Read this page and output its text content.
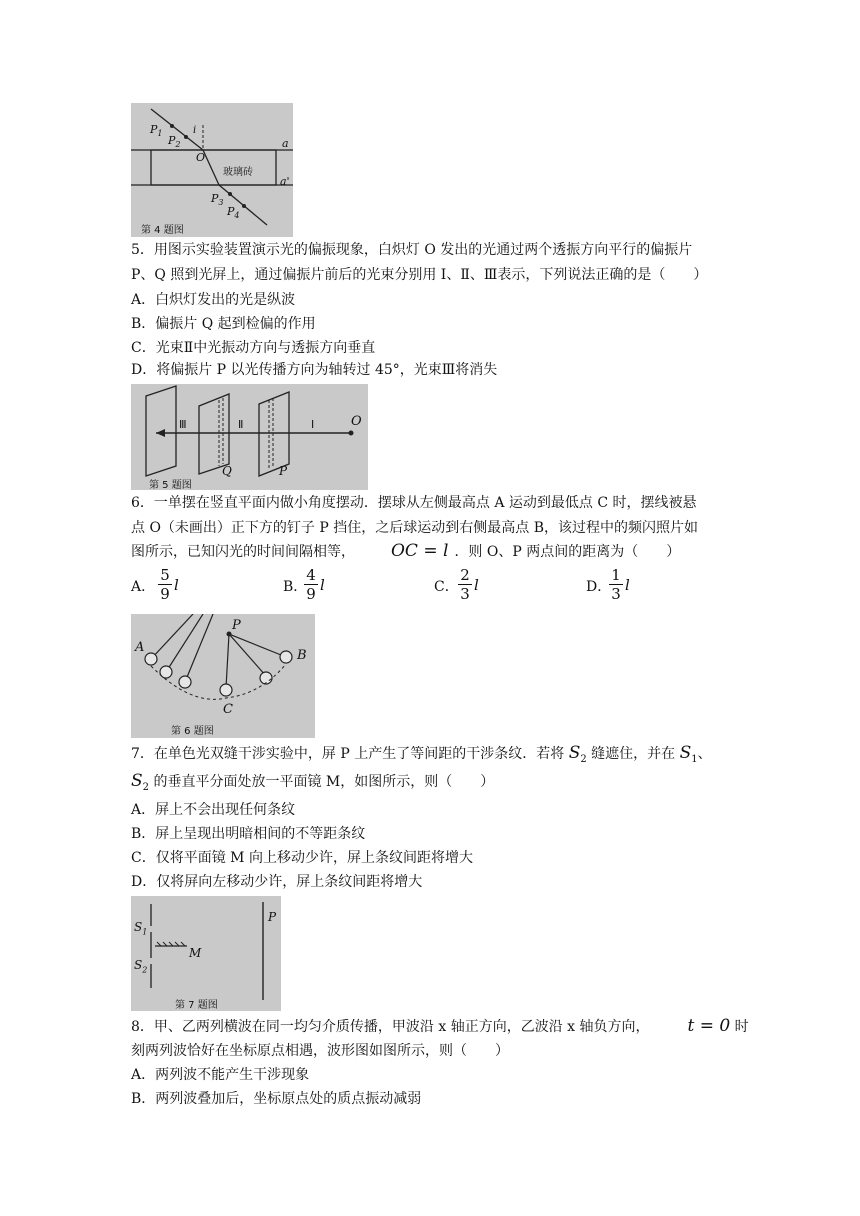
$P_1$
$P_2$
i
O
a
a'
玻璃砖
$P_3$
$P_4$
第 4 题图
5．用图示实验装置演示光的偏振现象，白炽灯 O 发出的光通过两个透振方向平行的偏振片
P、Q 照到光屏上，通过偏振片前后的光束分别用 Ⅰ、Ⅱ、Ⅲ表示，下列说法正确的是（　　）
A．白炽灯发出的光是纵波
B．偏振片 Q 起到检偏的作用
C．光束Ⅱ中光振动方向与透振方向垂直
D．将偏振片 P 以光传播方向为轴转过 45°，光束Ⅲ将消失
Ⅲ	Ⅱ	Ⅰ	O
Q	P
第 5 题图
6．一单摆在竖直平面内做小角度摆动．摆球从左侧最高点 A 运动到最低点 C 时，摆线被悬
点 O（未画出）正下方的钉子 P 挡住，之后球运动到右侧最高点 B，该过程中的频闪照片如
图所示，已知闪光的时间间隔相等， OC = l ．则 O、P 两点间的距离为（　　）
A． $\frac{5}{9}$ l	B．
$\frac{4}{9}$ l	C． $\frac{2}{3}$ l	D．
$\frac{1}{3}$ l
A
P
B
C
第 6 题图
7．在单色光双缝干涉实验中，屏 P 上产生了等间距的干涉条纹．若将 $S_2$ 缝遮住，并在 $S_1$、
$S_2$ 的垂直平分面处放一平面镜 M，如图所示，则（　　）
A．屏上不会出现任何条纹
B．屏上呈现出明暗相间的不等距条纹
C．仅将平面镜 M 向上移动少许，屏上条纹间距将增大
D．仅将屏向左移动少许，屏上条纹间距将增大
$S_1$
$S_2$
M
P
第 7 题图
8．甲、乙两列横波在同一均匀介质传播，甲波沿 x 轴正方向，乙波沿 x 轴负方向， t = 0 时
刻两列波恰好在坐标原点相遇，波形图如图所示，则（　　）
A．两列波不能产生干涉现象
B．两列波叠加后，坐标原点处的质点振动减弱
